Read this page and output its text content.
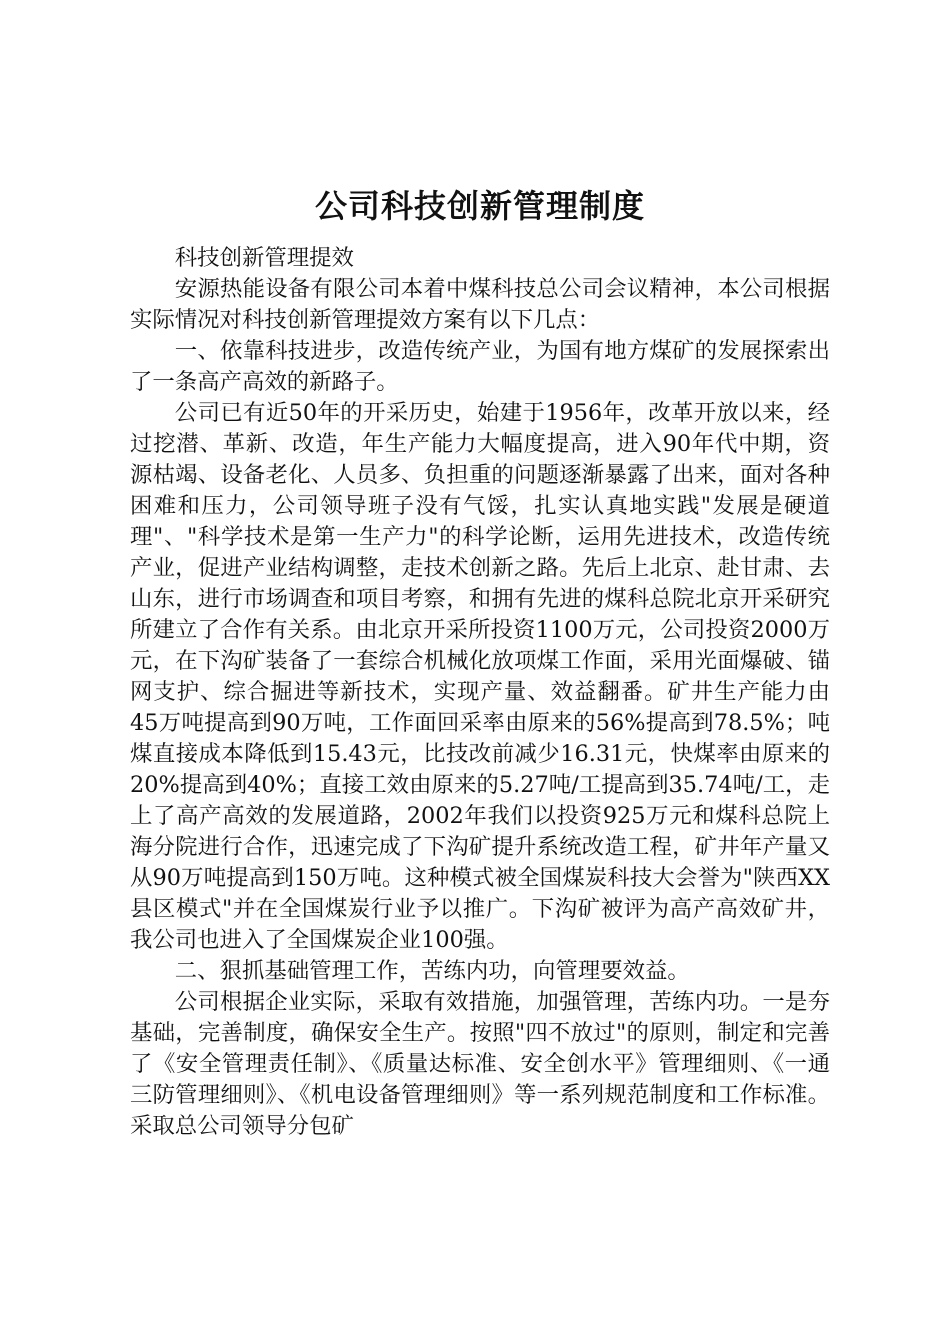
公司科技创新管理制度

科技创新管理提效

安源热能设备有限公司本着中煤科技总公司会议精神，本公司根据实际情况对科技创新管理提效方案有以下几点：

一、依靠科技进步，改造传统产业，为国有地方煤矿的发展探索出了一条高产高效的新路子。

公司已有近50年的开采历史，始建于1956年，改革开放以来，经过挖潜、革新、改造，年生产能力大幅度提高，进入90年代中期，资源枯竭、设备老化、人员多、负担重的问题逐渐暴露了出来，面对各种困难和压力，公司领导班子没有气馁，扎实认真地实践"发展是硬道理"、"科学技术是第一生产力"的科学论断，运用先进技术，改造传统产业，促进产业结构调整，走技术创新之路。先后上北京、赴甘肃、去山东，进行市场调查和项目考察，和拥有先进的煤科总院北京开采研究所建立了合作有关系。由北京开采所投资1100万元，公司投资2000万元，在下沟矿装备了一套综合机械化放项煤工作面，采用光面爆破、锚网支护、综合掘进等新技术，实现产量、效益翻番。矿井生产能力由45万吨提高到90万吨，工作面回采率由原来的56%提高到78.5%；吨煤直接成本降低到15.43元，比技改前减少16.31元，快煤率由原来的20%提高到40%；直接工效由原来的5.27吨/工提高到35.74吨/工，走上了高产高效的发展道路，2002年我们以投资925万元和煤科总院上海分院进行合作，迅速完成了下沟矿提升系统改造工程，矿井年产量又从90万吨提高到150万吨。这种模式被全国煤炭科技大会誉为"陕西XX县区模式"并在全国煤炭行业予以推广。下沟矿被评为高产高效矿井，我公司也进入了全国煤炭企业100强。

二、狠抓基础管理工作，苦练内功，向管理要效益。

公司根据企业实际，采取有效措施，加强管理，苦练内功。一是夯基础，完善制度，确保安全生产。按照"四不放过"的原则，制定和完善了《安全管理责任制》、《质量达标准、安全创水平》管理细则、《一通三防管理细则》、《机电设备管理细则》等一系列规范制度和工作标准。采取总公司领导分包矿
